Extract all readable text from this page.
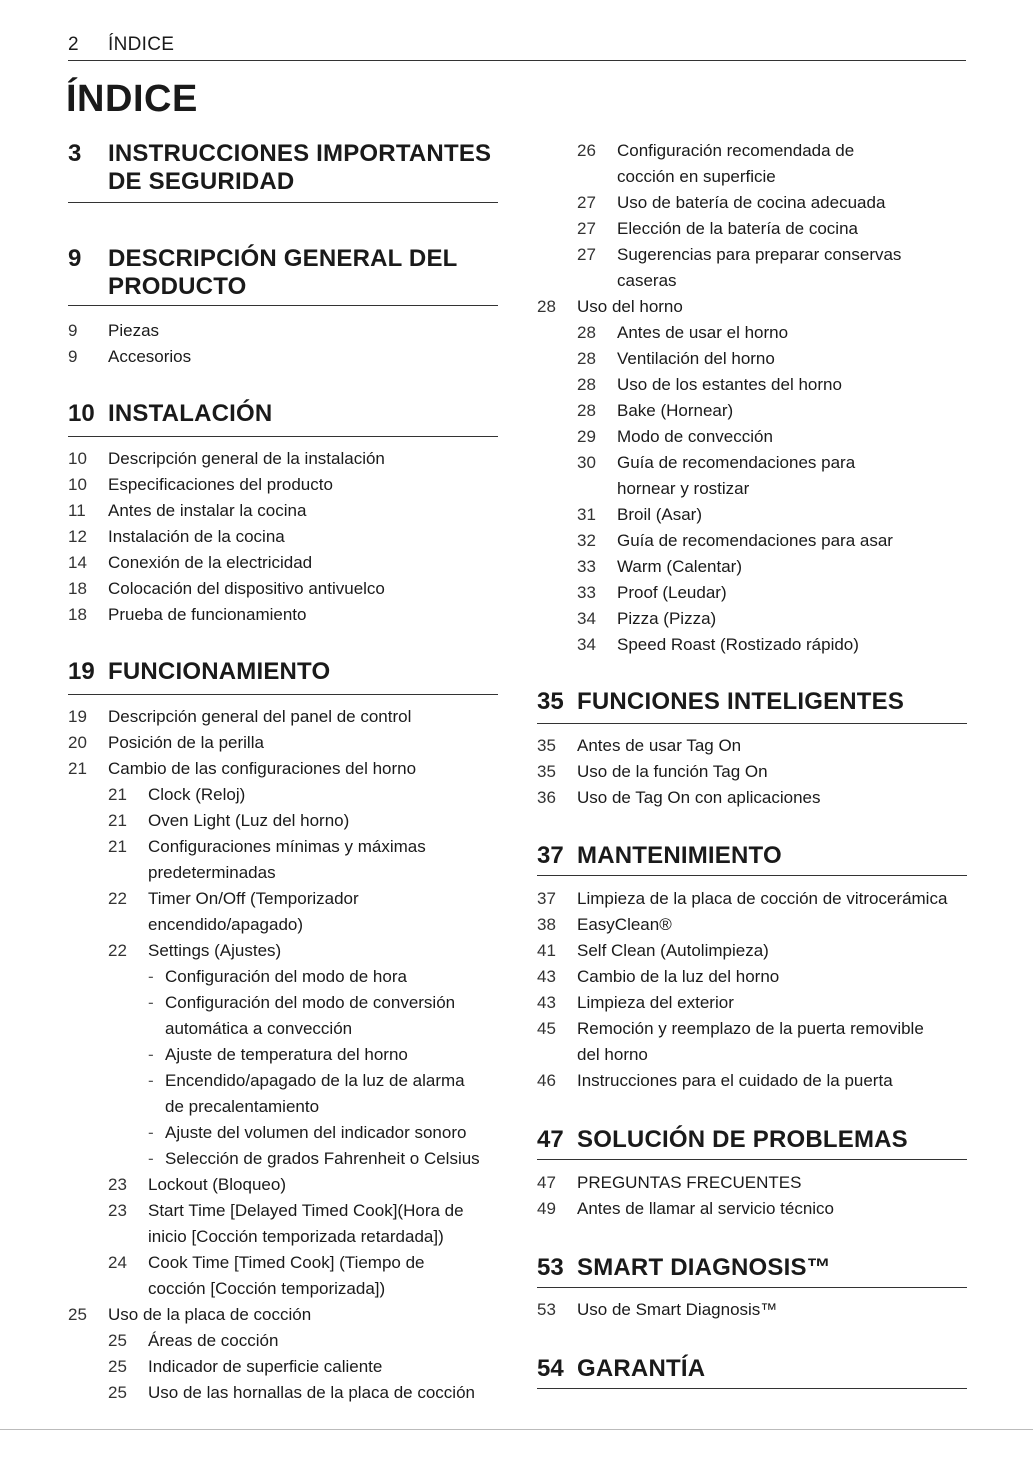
2 ÍNDICE
ÍNDICE
3 INSTRUCCIONES IMPORTANTES DE SEGURIDAD
9 DESCRIPCIÓN GENERAL DEL PRODUCTO
9 Piezas
9 Accesorios
10 INSTALACIÓN
10 Descripción general de la instalación
10 Especificaciones del producto
11 Antes de instalar la cocina
12 Instalación de la cocina
14 Conexión de la electricidad
18 Colocación del dispositivo antivuelco
18 Prueba de funcionamiento
19 FUNCIONAMIENTO
19 Descripción general del panel de control
20 Posición de la perilla
21 Cambio de las configuraciones del horno
21 Clock (Reloj)
21 Oven Light (Luz del horno)
21 Configuraciones mínimas y máximas
predeterminadas
22 Timer On/Off (Temporizador
encendido/apagado)
22 Settings (Ajustes)
- Configuración del modo de hora
- Configuración del modo de conversión
automática a convección
- Ajuste de temperatura del horno
- Encendido/apagado de la luz de alarma
de precalentamiento
- Ajuste del volumen del indicador sonoro
- Selección de grados Fahrenheit o Celsius
23 Lockout (Bloqueo)
23 Start Time [Delayed Timed Cook](Hora de
inicio [Cocción temporizada retardada])
24 Cook Time [Timed Cook] (Tiempo de
cocción [Cocción temporizada])
25 Uso de la placa de cocción
25 Áreas de cocción
25 Indicador de superficie caliente
25 Uso de las hornallas de la placa de cocción
26 Configuración recomendada de
cocción en superficie
27 Uso de batería de cocina adecuada
27 Elección de la batería de cocina
27 Sugerencias para preparar conservas
caseras
28 Uso del horno
28 Antes de usar el horno
28 Ventilación del horno
28 Uso de los estantes del horno
28 Bake (Hornear)
29 Modo de convección
30 Guía de recomendaciones para
hornear y rostizar
31 Broil (Asar)
32 Guía de recomendaciones para asar
33 Warm (Calentar)
33 Proof (Leudar)
34 Pizza (Pizza)
34 Speed Roast (Rostizado rápido)
35 FUNCIONES INTELIGENTES
35 Antes de usar Tag On
35 Uso de la función Tag On
36 Uso de Tag On con aplicaciones
37 MANTENIMIENTO
37 Limpieza de la placa de cocción de vitrocerámica
38 EasyClean®
41 Self Clean (Autolimpieza)
43 Cambio de la luz del horno
43 Limpieza del exterior
45 Remoción y reemplazo de la puerta removible
del horno
46 Instrucciones para el cuidado de la puerta
47 SOLUCIÓN DE PROBLEMAS
47 PREGUNTAS FRECUENTES
49 Antes de llamar al servicio técnico
53 SMART DIAGNOSIS™
53 Uso de Smart Diagnosis™
54 GARANTÍA
